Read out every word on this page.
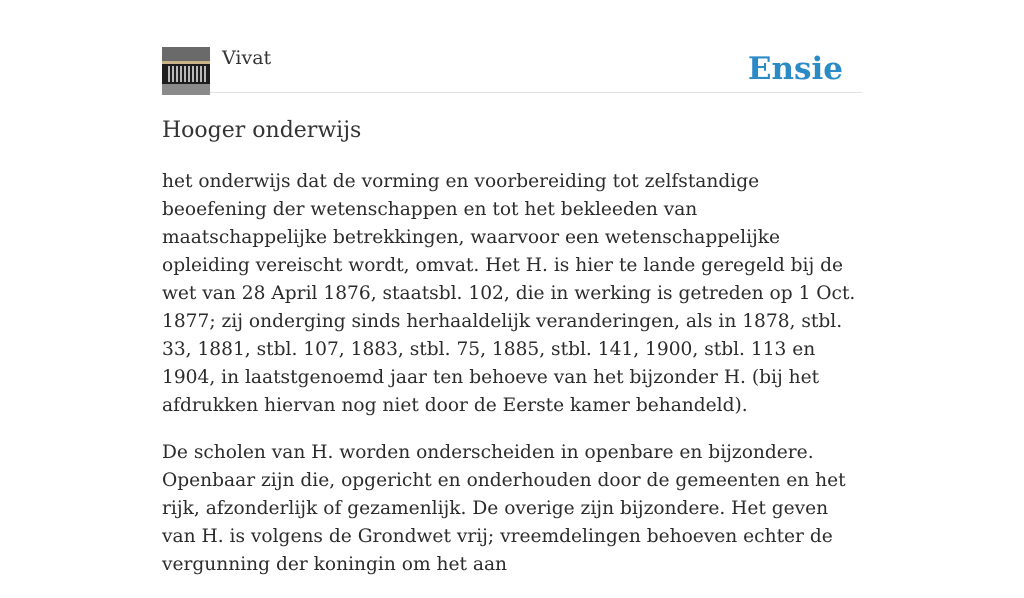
Vivat	Ensie
Hooger onderwijs

het onderwijs dat de vorming en voorbereiding tot zelfstandige beoefening der wetenschappen en tot het bekleeden van maatschappelijke betrekkingen, waarvoor een wetenschappelijke opleiding vereischt wordt, omvat. Het H. is hier te lande geregeld bij de wet van 28 April 1876, staatsbl. 102, die in werking is getreden op 1 Oct. 1877; zij onderging sinds herhaaldelijk veranderingen, als in 1878, stbl. 33, 1881, stbl. 107, 1883, stbl. 75, 1885, stbl. 141, 1900, stbl. 113 en 1904, in laatstgenoemd jaar ten behoeve van het bijzonder H. (bij het afdrukken hiervan nog niet door de Eerste kamer behandeld).

De scholen van H. worden onderscheiden in openbare en bijzondere. Openbaar zijn die, opgericht en onderhouden door de gemeenten en het rijk, afzonderlijk of gezamenlijk. De overige zijn bijzondere. Het geven van H. is volgens de Grondwet vrij; vreemdelingen behoeven echter de vergunning der koningin om het aan
